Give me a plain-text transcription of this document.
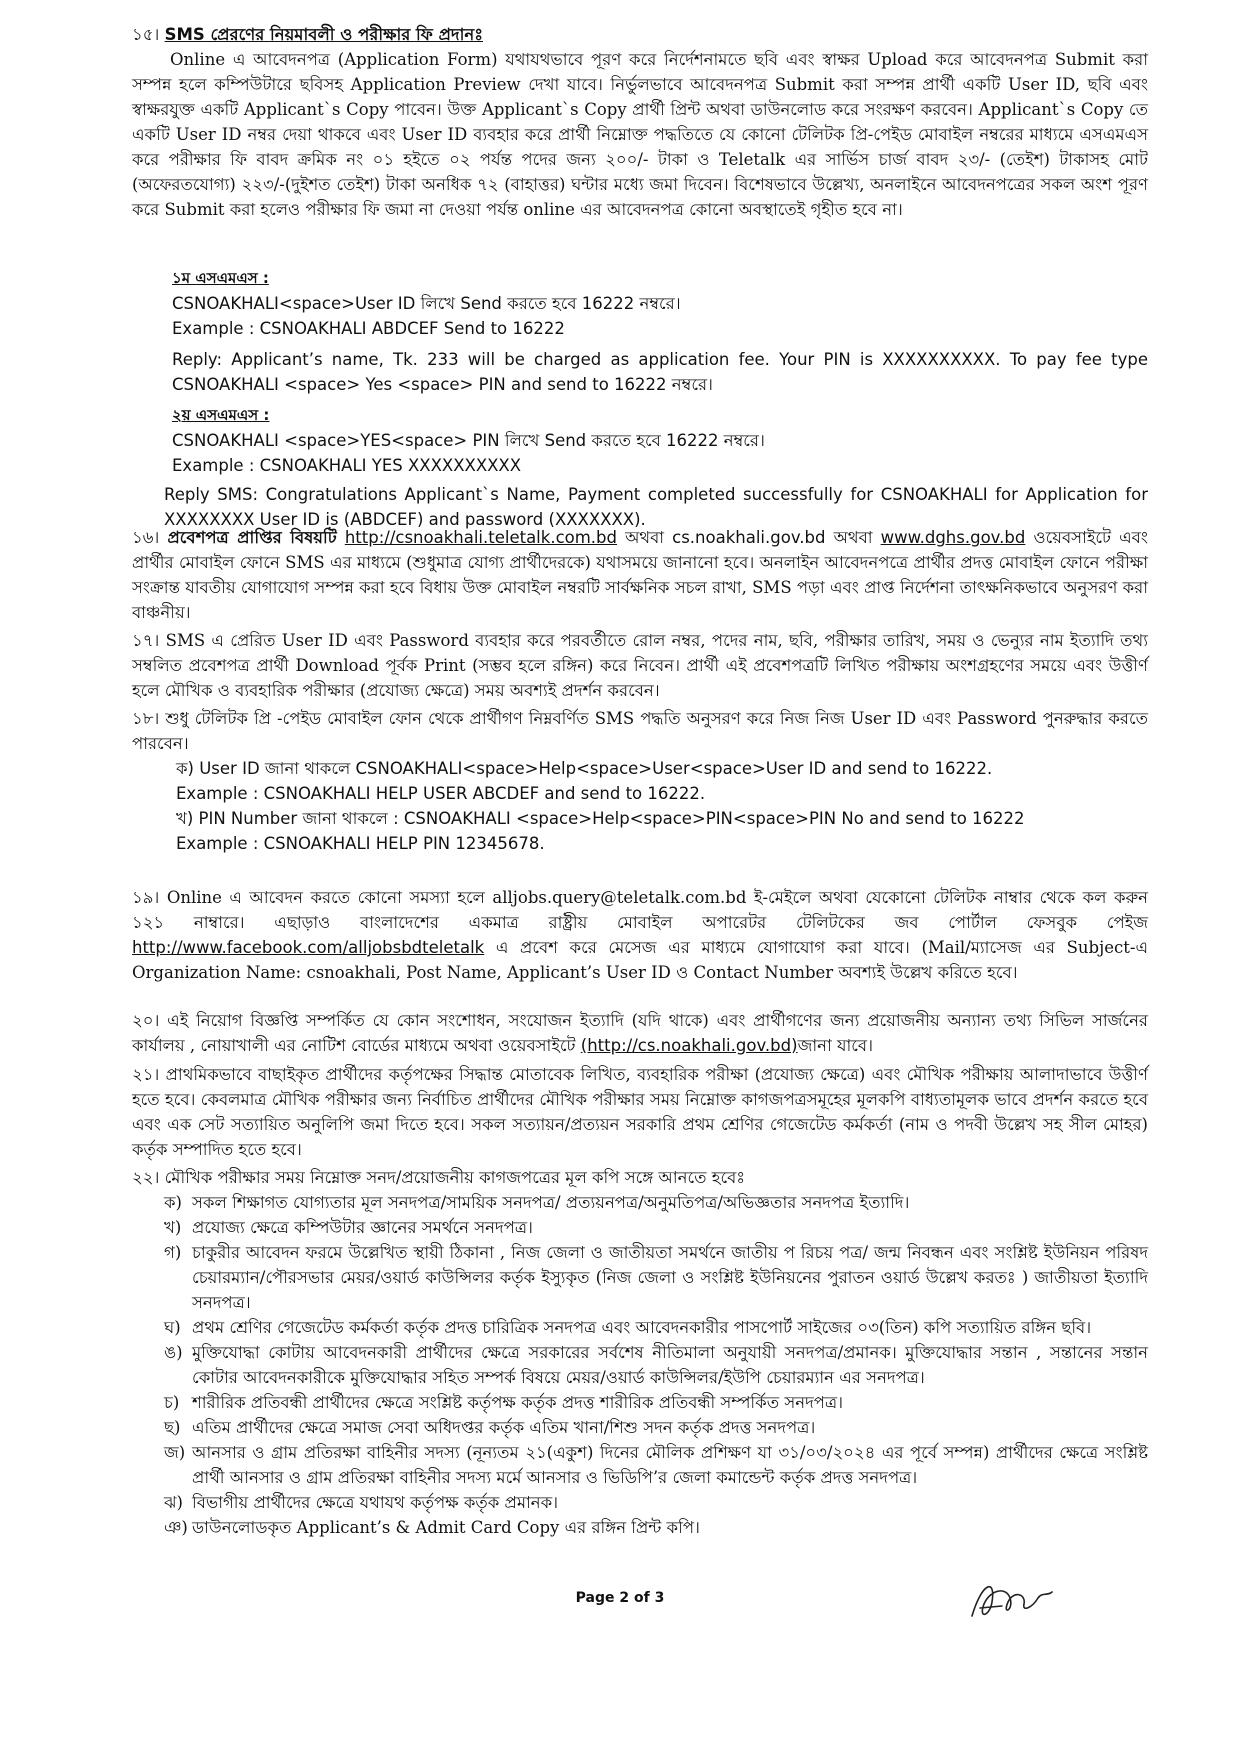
১৫। SMS প্রেরণের নিয়মাবলী ও পরীক্ষার ফি প্রদানঃ

Online এ আবেদনপত্র (Application Form) যথাযথভাবে পূরণ করে নির্দেশনামতে ছবি এবং স্বাক্ষর Upload করে আবেদনপত্র Submit করা সম্পন্ন হলে কম্পিউটারে ছবিসহ Application Preview দেখা যাবে। নির্ভুলভাবে আবেদনপত্র Submit করা সম্পন্ন প্রার্থী একটি User ID, ছবি এবং স্বাক্ষরযুক্ত একটি Applicant`s Copy পাবেন। উক্ত Applicant`s Copy প্রার্থী প্রিন্ট অথবা ডাউনলোড করে সংরক্ষণ করবেন। Applicant`s Copy তে একটি User ID নম্বর দেয়া থাকবে এবং User ID ব্যবহার করে প্রার্থী নিম্নোক্ত পদ্ধতিতে যে কোনো টেলিটক প্রি-পেইড মোবাইল নম্বরের মাধ্যমে এসএমএস করে পরীক্ষার ফি বাবদ ক্রমিক নং ০১ হইতে ০২ পর্যন্ত পদের জন্য ২০০/- টাকা ও Teletalk এর সার্ভিস চার্জ বাবদ ২৩/- (তেইশ) টাকাসহ মোট (অফেরতযোগ্য) ২২৩/-(দুইশত তেইশ) টাকা অনধিক ৭২ (বাহাত্তর) ঘন্টার মধ্যে জমা দিবেন। বিশেষভাবে উল্লেখ্য, অনলাইনে আবেদনপত্রের সকল অংশ পূরণ করে Submit করা হলেও পরীক্ষার ফি জমা না দেওয়া পর্যন্ত online এর আবেদনপত্র কোনো অবস্থাতেই গৃহীত হবে না।

১ম এসএমএস :

CSNOAKHALI<space>User ID লিখে Send করতে হবে 16222 নম্বরে।

Example : CSNOAKHALI ABDCEF Send to 16222

Reply: Applicant’s name, Tk. 233 will be charged as application fee. Your PIN is XXXXXXXXXX. To pay fee type CSNOAKHALI <space> Yes <space> PIN and send to 16222 নম্বরে।

২য় এসএমএস :

CSNOAKHALI <space>YES<space> PIN লিখে Send করতে হবে 16222 নম্বরে।

Example : CSNOAKHALI YES XXXXXXXXXX

Reply SMS: Congratulations Applicant`s Name, Payment completed successfully for CSNOAKHALI for Application for XXXXXXXX User ID is (ABDCEF) and password (XXXXXXX).

১৬। প্রবেশপত্র প্রাপ্তির বিষয়টি http://csnoakhali.teletalk.com.bd অথবা cs.noakhali.gov.bd অথবা www.dghs.gov.bd ওয়েবসাইটে এবং প্রার্থীর মোবাইল ফোনে SMS এর মাধ্যমে (শুধুমাত্র যোগ্য প্রার্থীদেরকে) যথাসময়ে জানানো হবে। অনলাইন আবেদনপত্রে প্রার্থীর প্রদত্ত মোবাইল ফোনে পরীক্ষা সংক্রান্ত যাবতীয় যোগাযোগ সম্পন্ন করা হবে বিধায় উক্ত মোবাইল নম্বরটি সার্বক্ষনিক সচল রাখা, SMS পড়া এবং প্রাপ্ত নির্দেশনা তাৎক্ষনিকভাবে অনুসরণ করা বাঞ্চনীয়।

১৭। SMS এ প্রেরিত User ID এবং Password ব্যবহার করে পরবর্তীতে রোল নম্বর, পদের নাম, ছবি, পরীক্ষার তারিখ, সময় ও ভেন্যুর নাম ইত্যাদি তথ্য সম্বলিত প্রবেশপত্র প্রার্থী Download পূর্বক Print (সম্ভব হলে রঙ্গিন) করে নিবেন। প্রার্থী এই প্রবেশপত্রটি লিখিত পরীক্ষায় অংশগ্রহণের সময়ে এবং উত্তীর্ণ হলে মৌখিক ও ব্যবহারিক পরীক্ষার (প্রযোজ্য ক্ষেত্রে) সময় অবশ্যই প্রদর্শন করবেন।

১৮। শুধু টেলিটক প্রি -পেইড মোবাইল ফোন থেকে প্রার্থীগণ নিম্নবর্ণিত SMS পদ্ধতি অনুসরণ করে নিজ নিজ User ID এবং Password পুনরুদ্ধার করতে পারবেন।

ক) User ID জানা থাকলে CSNOAKHALI<space>Help<space>User<space>User ID and send to 16222.

Example : CSNOAKHALI HELP USER ABCDEF and send to 16222.

খ) PIN Number জানা থাকলে : CSNOAKHALI <space>Help<space>PIN<space>PIN No and send to 16222

Example : CSNOAKHALI HELP PIN 12345678.

১৯। Online এ আবেদন করতে কোনো সমস্যা হলে alljobs.query@teletalk.com.bd ই-মেইলে অথবা যেকোনো টেলিটক নাম্বার থেকে কল করুন ১২১ নাম্বারে। এছাড়াও বাংলাদেশের একমাত্র রাষ্ট্রীয় মোবাইল অপারেটর টেলিটকের জব পোর্টাল ফেসবুক পেইজ http://www.facebook.com/alljobsbdteletalk এ প্রবেশ করে মেসেজ এর মাধ্যমে যোগাযোগ করা যাবে। (Mail/ম্যাসেজ এর Subject-এ Organization Name: csnoakhali, Post Name, Applicant’s User ID ও Contact Number অবশ্যই উল্লেখ করিতে হবে।

২০। এই নিয়োগ বিজ্ঞপ্তি সম্পর্কিত যে কোন সংশোধন, সংযোজন ইত্যাদি (যদি থাকে) এবং প্রার্থীগণের জন্য প্রয়োজনীয় অন্যান্য তথ্য সিভিল সার্জনের কার্যালয় , নোয়াখালী এর নোটিশ বোর্ডের মাধ্যমে অথবা ওয়েবসাইটে (http://cs.noakhali.gov.bd)জানা যাবে।

২১। প্রাথমিকভাবে বাছাইকৃত প্রার্থীদের কর্তৃপক্ষের সিদ্ধান্ত মোতাবেক লিখিত, ব্যবহারিক পরীক্ষা (প্রযোজ্য ক্ষেত্রে) এবং মৌখিক পরীক্ষায় আলাদাভাবে উত্তীর্ণ হতে হবে। কেবলমাত্র মৌখিক পরীক্ষার জন্য নির্বাচিত প্রার্থীদের মৌখিক পরীক্ষার সময় নিম্নোক্ত কাগজপত্রসমূহের মূলকপি বাধ্যতামূলক ভাবে প্রদর্শন করতে হবে এবং এক সেট সত্যায়িত অনুলিপি জমা দিতে হবে। সকল সত্যায়ন/প্রত্যয়ন সরকারি প্রথম শ্রেণির গেজেটেড কর্মকর্তা (নাম ও পদবী উল্লেখ সহ সীল মোহর) কর্তৃক সম্পাদিত হতে হবে।

২২। মৌখিক পরীক্ষার সময় নিম্নোক্ত সনদ/প্রয়োজনীয় কাগজপত্রের মূল কপি সঙ্গে আনতে হবেঃ

ক) সকল শিক্ষাগত যোগ্যতার মূল সনদপত্র/সাময়িক সনদপত্র/ প্রত্যয়নপত্র/অনুমতিপত্র/অভিজ্ঞতার সনদপত্র ইত্যাদি।
খ) প্রযোজ্য ক্ষেত্রে কম্পিউটার জ্ঞানের সমর্থনে সনদপত্র।
গ) চাকুরীর আবেদন ফরমে উল্লেখিত স্থায়ী ঠিকানা , নিজ জেলা ও জাতীয়তা সমর্থনে জাতীয় প রিচয় পত্র/ জন্ম নিবন্ধন এবং সংশ্লিষ্ট ইউনিয়ন পরিষদ চেয়ারম্যান/পৌরসভার মেয়র/ওয়ার্ড কাউন্সিলর কর্তৃক ইস্যুকৃত (নিজ জেলা ও সংশ্লিষ্ট ইউনিয়নের পুরাতন ওয়ার্ড উল্লেখ করতঃ ) জাতীয়তা ইত্যাদি সনদপত্র।
ঘ) প্রথম শ্রেণির গেজেটেড কর্মকর্তা কর্তৃক প্রদত্ত চারিত্রিক সনদপত্র এবং আবেদনকারীর পাসপোর্ট সাইজের ০৩(তিন) কপি সত্যায়িত রঙ্গিন ছবি।
ঙ) মুক্তিযোদ্ধা কোটায় আবেদনকারী প্রার্থীদের ক্ষেত্রে সরকারের সর্বশেষ নীতিমালা অনুযায়ী সনদপত্র/প্রমানক। মুক্তিযোদ্ধার সন্তান , সন্তানের সন্তান কোটার আবেদনকারীকে মুক্তিযোদ্ধার সহিত সম্পর্ক বিষয়ে মেয়র/ওয়ার্ড কাউন্সিলর/ইউপি চেয়ারম্যান এর সনদপত্র।
চ) শারীরিক প্রতিবন্ধী প্রার্থীদের ক্ষেত্রে সংশ্লিষ্ট কর্তৃপক্ষ কর্তৃক প্রদত্ত শারীরিক প্রতিবন্ধী সম্পর্কিত সনদপত্র।
ছ) এতিম প্রার্থীদের ক্ষেত্রে সমাজ সেবা অধিদপ্তর কর্তৃক এতিম খানা/শিশু সদন কর্তৃক প্রদত্ত সনদপত্র।
জ) আনসার ও গ্রাম প্রতিরক্ষা বাহিনীর সদস্য (নূন্যতম ২১(একুশ) দিনের মৌলিক প্রশিক্ষণ যা ৩১/০৩/২০২৪ এর পূর্বে সম্পন্ন) প্রার্থীদের ক্ষেত্রে সংশ্লিষ্ট প্রার্থী আনসার ও গ্রাম প্রতিরক্ষা বাহিনীর সদস্য মর্মে আনসার ও ভিডিপি’র জেলা কমান্ডেন্ট কর্তৃক প্রদত্ত সনদপত্র।
ঝ) বিভাগীয় প্রার্থীদের ক্ষেত্রে যথাযথ কর্তৃপক্ষ কর্তৃক প্রমানক।
ঞ) ডাউনলোডকৃত Applicant’s & Admit Card Copy এর রঙ্গিন প্রিন্ট কপি।
Page 2 of 3
